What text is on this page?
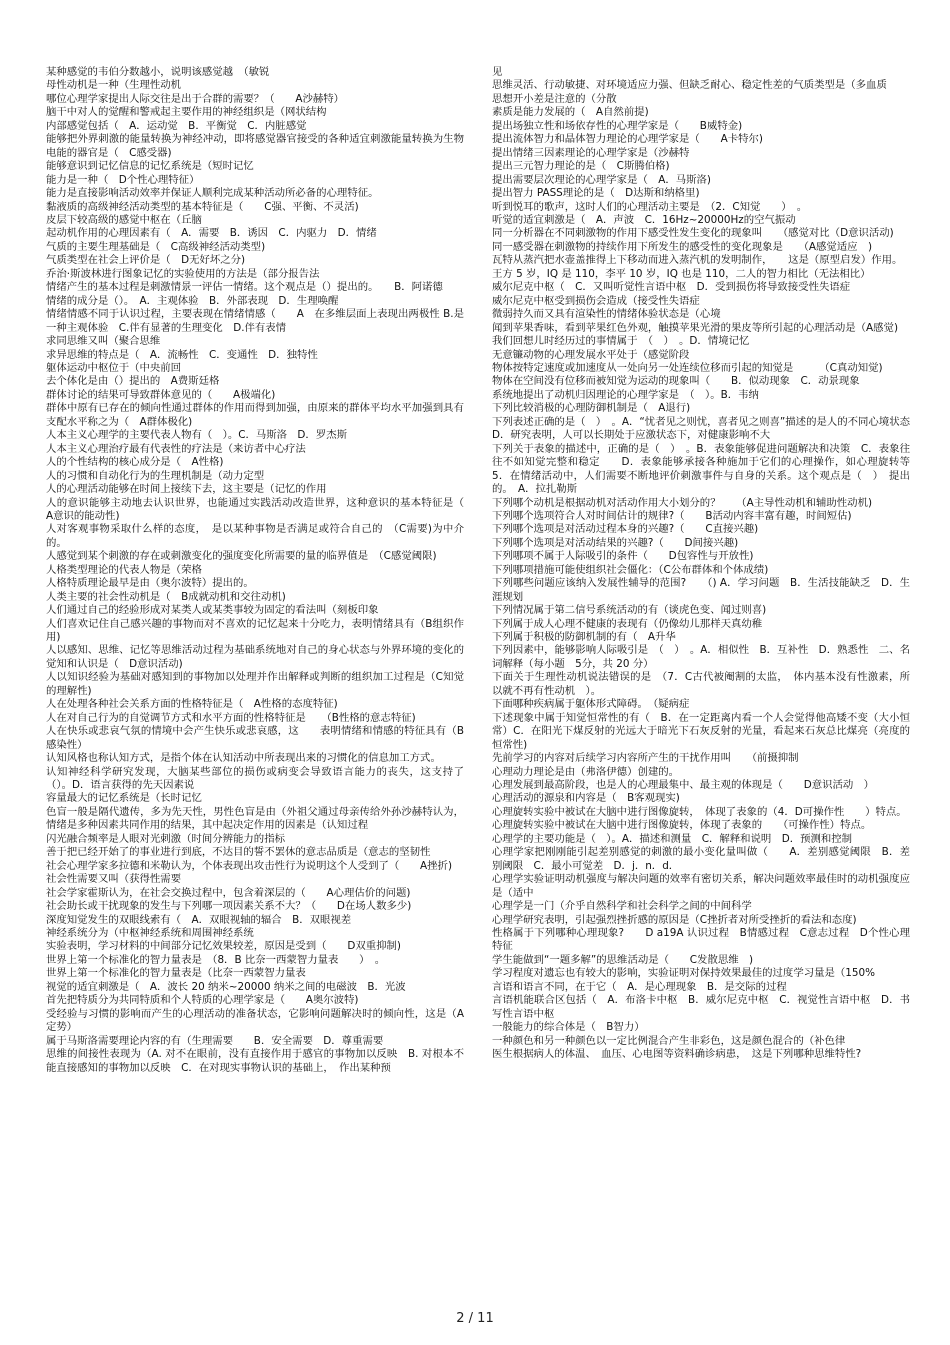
某种感觉的韦伯分数越小，说明该感觉越　（敏锐
母性动机是一种（生理性动机
哪位心理学家提出人际交往是出于合群的需要？（　　A沙赫特）
脑干中对人的觉醒和警戒起主要作用的神经组织是（网状结构
内部感觉包括（　A．运动觉　B．平衡觉　C．内脏感觉
能够把外界刺激的能量转换为神经冲动，即将感觉器官接受的各种适宜刺激能量转换为生物电能的器官是（　C感受器)
能够意识到记忆信息的记忆系统是（短时记忆
能力是一种（　D个性心理特征）
能力是直接影响活动效率并保证人顺利完成某种活动所必备的心理特征。
黏液质的高级神经活动类型的基本特征是（　　C强、平衡、不灵活)
皮层下较高级的感觉中枢在（丘脑
起动机作用的心理因素有（　A．需要　B．诱因　C．内驱力　D．情绪
气质的主要生理基础是（　C高级神经活动类型)
气质类型在社会上评价是（　D无好坏之分)
乔治·斯波林进行图象记忆的实验使用的方法是（部分报告法
情绪产生的基本过程是刺激情景一评估一情绪。这个观点是（）提出的。　　B．阿诺德
情绪的成分是（）。　A．主观体验　B．外部表现　D．生理唤醒
情绪情感不同于认识过程，主要表现在情绪情感（　　A　在多维层面上表现出两极性 B.是一种主观体验　C.伴有显著的生理变化　D.伴有表情
求同思维又叫（聚合思维
求异思维的特点是（　A．流畅性　C．变通性　D．独特性
躯体运动中枢位于（中央前回
去个体化是由（）提出的　A费斯廷格
群体讨论的结果可导致群体意见的（　　A极端化)
群体中原有已存在的倾向性通过群体的作用而得到加强，由原来的群体平均水平加强到具有支配水平称之为（　A群体极化)
人本主义心理学的主要代表人物有（　）。C．马斯洛　D．罗杰斯
人本主义心理治疗最有代表性的疗法是（来访者中心疗法
人的个性结构的核心成分是（　A性格)
人的习惯和自动化行为的生理机制是（动力定型
人的心理活动能够在时间上接续下去，这主要是（记忆的作用
人的意识能够主动地去认识世界，也能通过实践活动改造世界，这种意识的基本特征是（　A意识的能动性)
人对客观事物采取什么样的态度，　是以某种事物是否满足或符合自己的　（C需要)为中介的。
人感觉到某个刺激的存在或刺激变化的强度变化所需要的量的临界值是　（C感觉阈限)
人格类型理论的代表人物是（荣格
人格特质理论最早是由（奥尔波特）提出的。
人类主要的社会性动机是（　B成就动机和交往动机)
人们通过自己的经验形成对某类人或某类事较为固定的看法叫（刻板印象
人们喜欢记住自己感兴趣的事物而对不喜欢的记忆起来十分吃力，表明情绪具有（B组织作用)
人以感知、思维、记忆等思维活动过程为基础系统地对自己的身心状态与外界环境的变化的觉知和认识是（　D意识活动)
人以知识经验为基础对感知到的事物加以处理并作出解释或判断的组织加工过程是（C知觉的理解性)
人在处理各种社会关系方面的性格特征是（　A性格的态度特征)
人在对自己行为的自觉调节方式和水平方面的性格特征是　　（B性格的意志特征)
人在快乐或悲哀气氛的情境中会产生快乐或悲哀感，这　　表明情绪和情感的特征具有（B感染性）
认知风格也称认知方式，是指个体在认知活动中所表现出来的习惯化的信息加工方式。
认知神经科学研究发现，大脑某些部位的损伤或病变会导致语言能力的丧失，这支持了（）。D．语言获得的先天因素说
容量最大的记忆系统是（长时记忆
色盲一般是隔代遗传，多为先天性，男性色盲是由（外祖父通过母亲传给外孙沙赫特认为，情绪是多种因素共同作用的结果，其中起决定作用的因素是（认知过程
闪光融合频率是人眼对光刺激（时间分辨能力的指标
善于把已经开始了的事业进行到底，不达目的誓不罢休的意志品质是（意志的坚韧性
社会心理学家多拉德和米勒认为，个体表现出攻击性行为说明这个人受到了（　　A挫折)
社会性需要又叫（获得性需要
社会学家霍斯认为，在社会交换过程中，包含着深层的（　　A心理估价的问题)
社会助长或干扰现象的发生与下列哪一项因素关系不大？（　　D在场人数多少)
深度知觉发生的双眼线索有（　A．双眼视轴的辐合　B．双眼视差
神经系统分为（中枢神经系统和周围神经系统
实验表明，学习材料的中间部分记忆效果较差，原因是受到（　　D双重抑制)
世界上第一个标准化的智力量表是　（8．B 比奈一西蒙智力量表　　）　。
世界上第一个标准化的智力量表是（比奈一西蒙智力量表
视觉的适宜刺激是（　A．波长 20 纳米~20000 纳米之间的电磁波　B．光波
首先把特质分为共同特质和个人特质的心理学家是（　　A奥尔波特)
受经验与习惯的影响而产生的心理活动的准备状态，它影响问题解决时的倾向性，这是（A定势）
属于马斯洛需要理论内容的有（生理需要　　B．安全需要　D．尊重需要
思维的间接性表现为（A. 对不在眼前，没有直接作用于感官的事物加以反映　B. 对根本不能直接感知的事物加以反映　C．在对现实事物认识的基础上，　作出某种预
见
思维灵活、行动敏捷、对环境适应力强、但缺乏耐心、稳定性差的气质类型是（多血质
思想开小差是注意的（分散
素质是能力发展的（　A自然前提)
提出场独立性和场依存性的心理学家是（　　B威特金)
提出流体智力和晶体智力理论的心理学家是（　　A卡特尔)
提出情绪三因素理论的心理学家是（沙赫特
提出三元智力理论的是（　C斯腾伯格)
提出需要层次理论的心理学家是（　A．马斯洛)
提出智力 PASS理论的是（　D达斯和纳格里)
听到悦耳的歌声，这时人们的心理活动主要是　（2．C知觉　　）　。
听觉的适宜刺激是（　A．声波　C．16Hz~20000Hz的空气振动
同一分析器在不同刺激物的作用下感受性发生变化的现象叫　　（感觉对比（D意识活动)
同一感受器在刺激物的持续作用下所发生的感受性的变化现象是　　（A感觉适应　)
瓦特从蒸汽把水壶盖推得上下移动而进入蒸汽机的发明制作，　　这是（原型启发）作用。
王方 5 岁，IQ 是 110，李平 10 岁，IQ 也是 110，二人的智力相比（无法相比）
威尔尼克中枢（　C．又叫听觉性言语中枢　D．受到损伤将导致接受性失语症
威尔尼克中枢受到损伤会造成（接受性失语症
微弱持久而又具有渲染性的情绪体验状态是（心境
闻到苹果香味，看到苹果红色外观，触摸苹果光滑的果皮等所引起的心理活动是（A感觉)
我们回想儿时经历过的事情属于　（　）　。D．情境记忆
无意镰动物的心理发展水平处于（感觉阶段
物体按特定速度或加速度从一处向另一处连续位移而引起的知觉是　　　（C真动知觉)
物体在空间没有位移而被知觉为运动的现象叫（　　B．似动现象　C．动景现象
系统地提出了动机归因理论的心理学家是　（　）。B．韦纳
下列比较消极的心理防御机制是（　A退行)
下列表述正确的是（　）　。A．“忧者见之则忧，喜者见之则喜”描述的是人的不同心境状态　D．研究表明，人可以长期处于应激状态下，对健康影响不大
下列关于表象的描述中，正确的是（　）　。B．表象能够促进问题解决和决策　C．表象往往不如知觉完整和稳定　　D．表象能够承接各种施加于它们的心理操作，如心理旋转等　5．在情绪活动中，人们需要不断地评价刺激事件与自身的关系。这个观点是（　）　提出的。　A．拉扎勒斯
下列哪个动机是根据动机对活动作用大小划分的？　　（A主导性动机和辅助性动机)
下列哪个选项符合人对时间估计的规律?（　　B活动内容丰富有趣，时间短估)
下列哪个选项是对活动过程本身的兴趣?（　　C直接兴趣)
下列哪个选项是对活动结果的兴趣?（　　D间接兴趣)
下列哪项不属于人际吸引的条件（　　D包容性与开放性)
下列哪项措施可能使组织社会僵化：（C公布群体和个体成绩)
下列哪些问题应该纳入发展性辅导的范围?　　（) A．学习问题　B．生活技能缺乏　D．生涯规划
下列情况属于第二信号系统活动的有（谈虎色变、闻过则喜)
下列属于成人心理不健康的表现有（仍像幼儿那样天真幼稚
下列属于积极的防御机制的有（　A升华
下列因素中，能够影响人际吸引是　（　）　。A．相似性　B．互补性　D．熟悉性　二、名词解释（每小题　5分，共 20 分）
下面关于生理性动机说法错误的是　（7．C古代被阉割的太监，　体内基本没有性激素，所以就不再有性动机　）。
下面哪种疾病属于躯体形式障碍。　（疑病症
下述现象中属于知觉恒常性的有（　B．在一定距离内看一个人会觉得他高矮不变（大小恒常）C．在阳光下煤反射的光远大于暗光下石灰反射的光量，看起来石灰总比煤亮（亮度的恒常性)
先前学习的内容对后续学习内容所产生的干扰作用叫　　（前摄抑制
心理动力理论是由（弗洛伊德）创建的。
心理发展到最高阶段，也是人的心理最集中、最主观的体现是（　　D意识活动　）
心理活动的源泉和内容是（　B客观现实)
心理旋转实验中被试在大脑中进行图像旋转，　体现了表象的（4．D可操作性　　）特点。
心理旋转实验中被试在大脑中进行图像旋转，体现了表象的　　（可操作性）特点。
心理学的主要功能是（　）。A．描述和测量　C．解释和说明　D．预测和控制
心理学家把刚刚能引起差别感觉的刺激的最小变化量叫做（　　A．差别感觉阈限　B．差别阈限　C．最小可觉差　D．j．n．d．
心理学实验证明动机强度与解决问题的效率有密切关系，解决问题效率最佳时的动机强度应是（适中
心理学是一门（介乎自然科学和社会科学之间的中间科学
心理学研究表明，引起强烈挫折感的原因是（C挫折者对所受挫折的看法和态度)
性格属于下列哪种心理现象?　　D a19A 认识过程　B情感过程　C意志过程　D个性心理特征
学生能做到“一题多解”的思维活动是（　　C发散思维　)
学习程度对遗忘也有较大的影响，实验证明对保持效果最佳的过度学习量是（150%
言语和语言不同，在于它（　A．是心理现象　B．是交际的过程
言语机能联合区包括（　A．布洛卡中枢　B．威尔尼克中枢　C．视觉性言语中枢　D．书写性言语中枢
一般能力的综合体是（　B智力）
一种颜色和另一种颜色以一定比例混合产生非彩色，这是颜色混合的（补色律
医生根据病人的体温、　血压、心电图等资料确诊病患，　这是下列哪种思维特性?
2 / 11
